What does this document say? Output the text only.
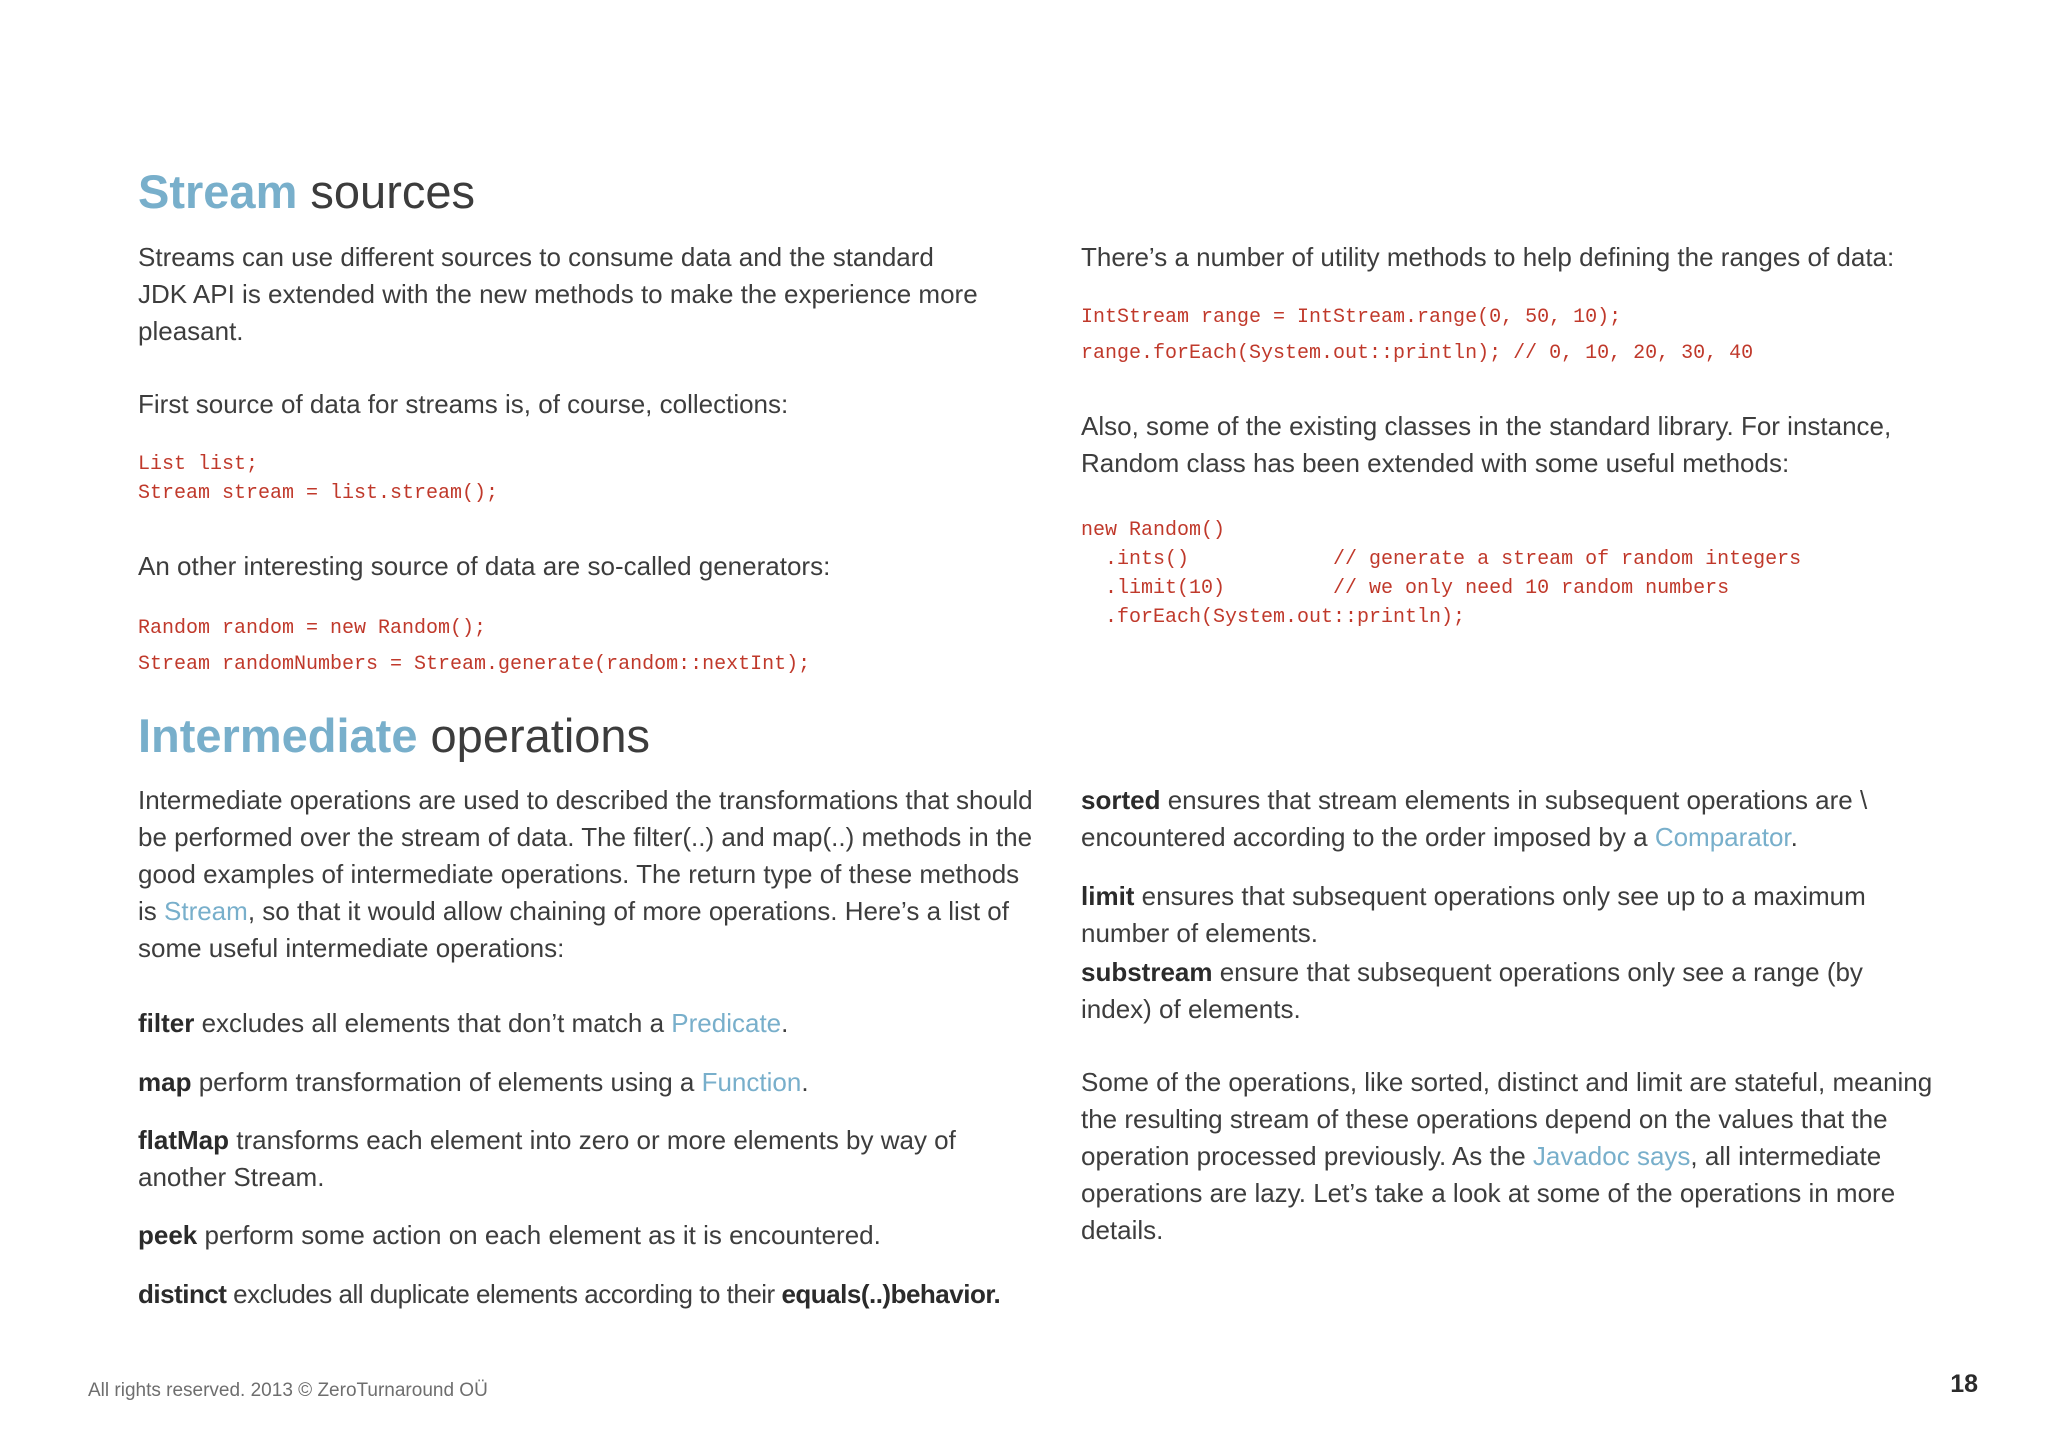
Stream sources
Streams can use different sources to consume data and the standard JDK API is extended with the new methods to make the experience more pleasant.
First source of data for streams is, of course, collections:
List list;
Stream stream = list.stream();
An other interesting source of data are so-called generators:
Random random = new Random();
Stream randomNumbers = Stream.generate(random::nextInt);
There’s a number of utility methods to help defining the ranges of data:
IntStream range = IntStream.range(0, 50, 10);
range.forEach(System.out::println); // 0, 10, 20, 30, 40
Also, some of the existing classes in the standard library. For instance, Random class has been extended with some useful methods:
new Random()
.ints()            // generate a stream of random integers
.limit(10)         // we only need 10 random numbers
.forEach(System.out::println);
Intermediate operations
Intermediate operations are used to described the transformations that should be performed over the stream of data. The filter(..) and map(..) methods in the good examples of intermediate operations. The return type of these methods is Stream, so that it would allow chaining of more operations. Here’s a list of some useful intermediate operations:
filter excludes all elements that don’t match a Predicate.
map perform transformation of elements using a Function.
flatMap transforms each element into zero or more elements by way of another Stream.
peek perform some action on each element as it is encountered.
distinct excludes all duplicate elements according to their equals(..)behavior.
sorted ensures that stream elements in subsequent operations are \ encountered according to the order imposed by a Comparator.
limit ensures that subsequent operations only see up to a maximum number of elements.
substream ensure that subsequent operations only see a range (by index) of elements.
Some of the operations, like sorted, distinct and limit are stateful, meaning the resulting stream of these operations depend on the values that the operation processed previously. As the Javadoc says, all intermediate operations are lazy. Let’s take a look at some of the operations in more details.
All rights reserved. 2013 © ZeroTurnaround OÜ	18
